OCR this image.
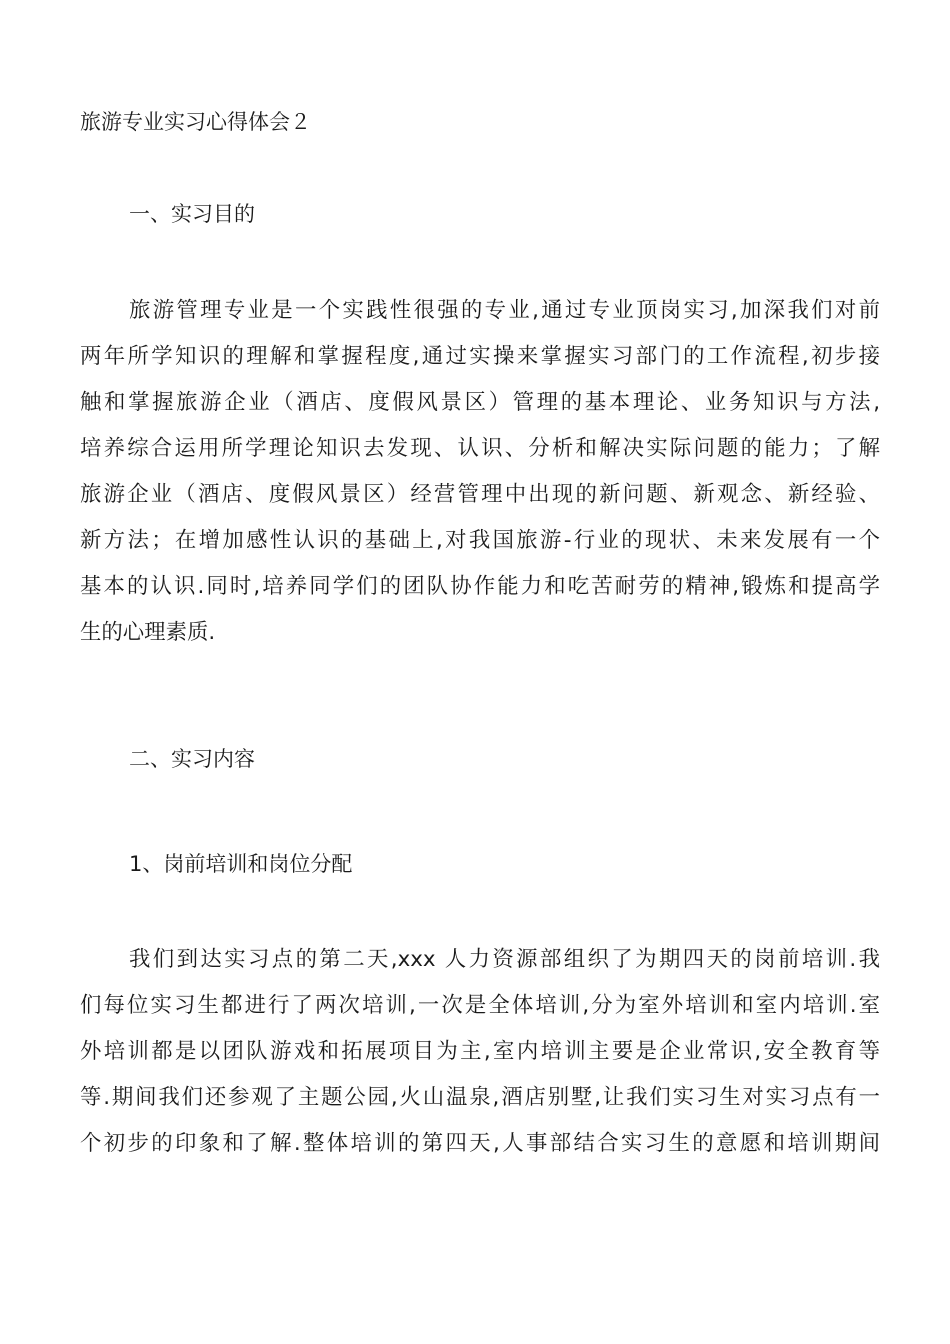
旅游专业实习心得体会２
一、实习目的

旅游管理专业是一个实践性很强的专业,通过专业顶岗实习,加深我们对前
两年所学知识的理解和掌握程度,通过实操来掌握实习部门的工作流程,初步接
触和掌握旅游企业（酒店、度假风景区）管理的基本理论、业务知识与方法,
培养综合运用所学理论知识去发现、认识、分析和解决实际问题的能力；了解
旅游企业（酒店、度假风景区）经营管理中出现的新问题、新观念、新经验、
新方法；在增加感性认识的基础上,对我国旅游-行业的现状、未来发展有一个
基本的认识.同时,培养同学们的团队协作能力和吃苦耐劳的精神,锻炼和提高学
生的心理素质.

二、实习内容
1、岗前培训和岗位分配

我们到达实习点的第二天,xxx 人力资源部组织了为期四天的岗前培训.我
们每位实习生都进行了两次培训,一次是全体培训,分为室外培训和室内培训.室
外培训都是以团队游戏和拓展项目为主,室内培训主要是企业常识,安全教育等
等.期间我们还参观了主题公园,火山温泉,酒店别墅,让我们实习生对实习点有一
个初步的印象和了解.整体培训的第四天,人事部结合实习生的意愿和培训期间
